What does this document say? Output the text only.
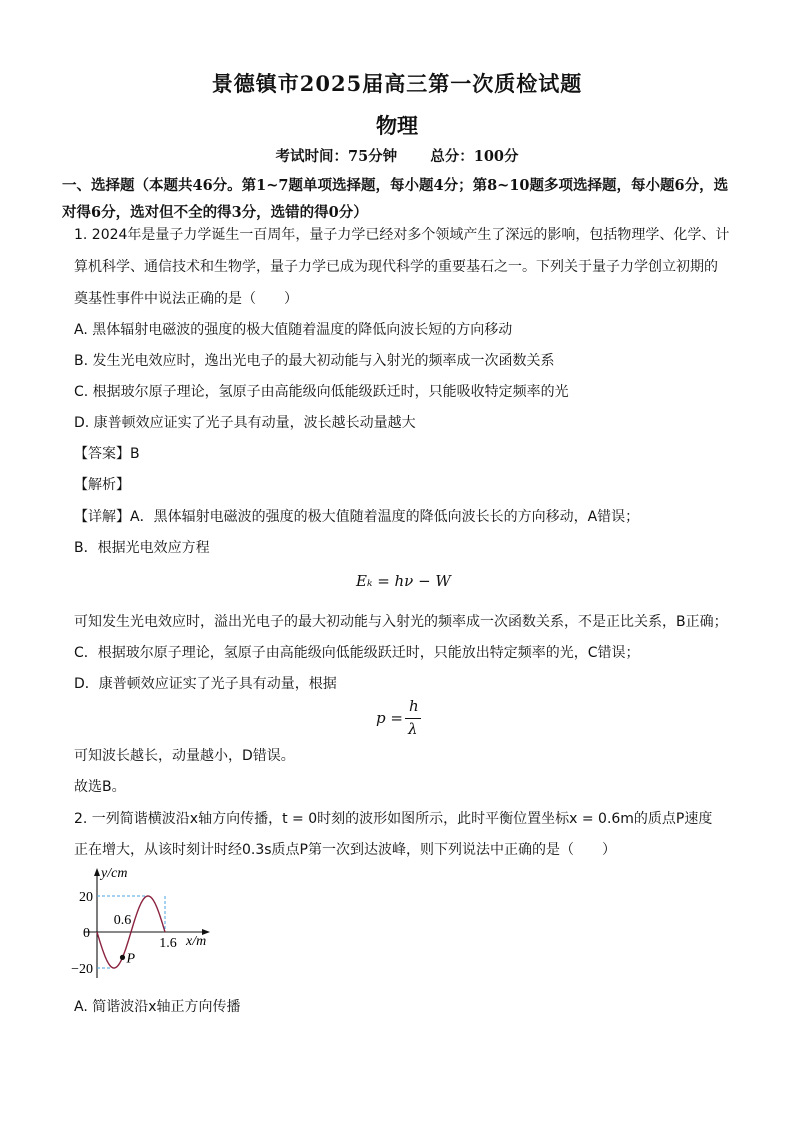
景德镇市2025届高三第一次质检试题
物理
考试时间：75分钟 总分：100分
一、选择题（本题共46分。第1~7题单项选择题，每小题4分；第8~10题多项选择题，每小题6分，选对得6分，选对但不全的得3分，选错的得0分）
1. 2024年是量子力学诞生一百周年，量子力学已经对多个领域产生了深远的影响，包括物理学、化学、计
算机科学、通信技术和生物学，量子力学已成为现代科学的重要基石之一。下列关于量子力学创立初期的
奠基性事件中说法正确的是（　　）
A. 黑体辐射电磁波的强度的极大值随着温度的降低向波长短的方向移动
B. 发生光电效应时，逸出光电子的最大初动能与入射光的频率成一次函数关系
C. 根据玻尔原子理论，氢原子由高能级向低能级跃迁时，只能吸收特定频率的光
D. 康普顿效应证实了光子具有动量，波长越长动量越大
【答案】B
【解析】
【详解】A．黑体辐射电磁波的强度的极大值随着温度的降低向波长长的方向移动，A错误；
B．根据光电效应方程
Eₖ = hν − W
可知发生光电效应时，溢出光电子的最大初动能与入射光的频率成一次函数关系，不是正比关系，B正确；
C．根据玻尔原子理论，氢原子由高能级向低能级跃迁时，只能放出特定频率的光，C错误；
D．康普顿效应证实了光子具有动量，根据
p =
h
λ
可知波长越长，动量越小，D错误。
故选B。
2. 一列简谐横波沿x轴方向传播，t = 0时刻的波形如图所示，此时平衡位置坐标x = 0.6m的质点P速度
正在增大，从该时刻计时经0.3s质点P第一次到达波峰，则下列说法中正确的是（　　）
y/cm
x/m
20
0
−20
0.6
1.6
P
A. 简谐波沿x轴正方向传播
